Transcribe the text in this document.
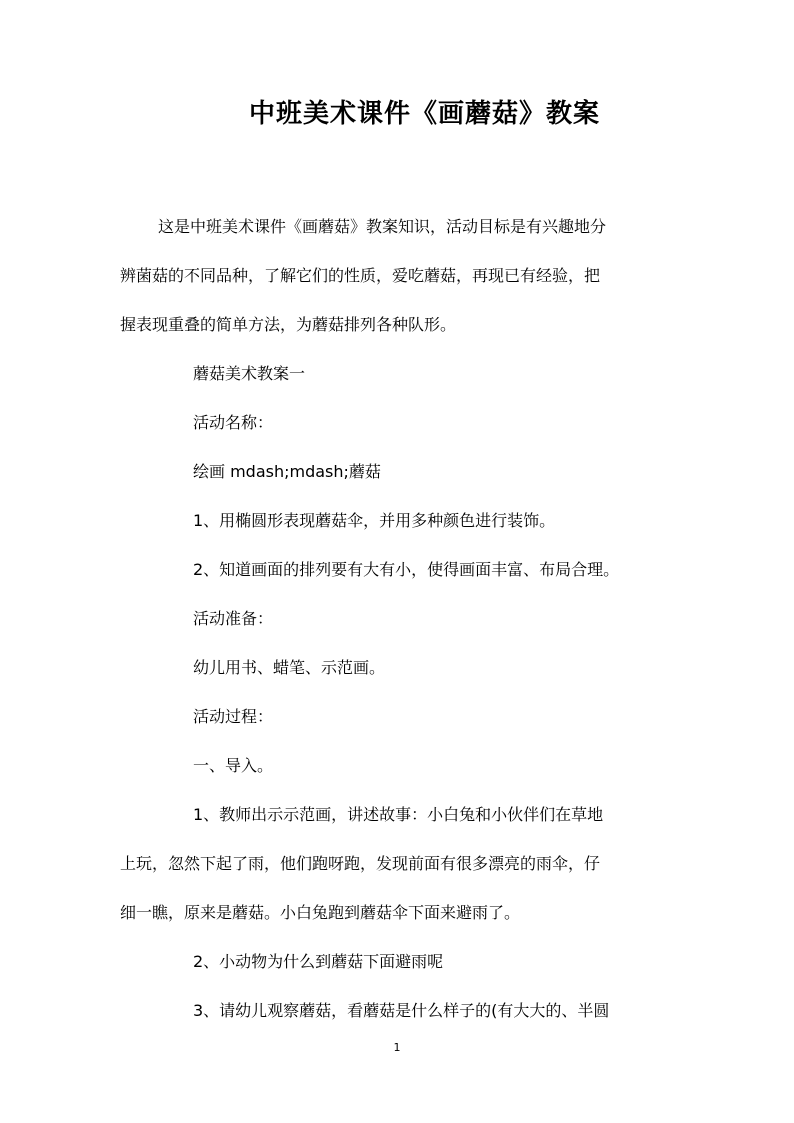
中班美术课件《画蘑菇》教案
这是中班美术课件《画蘑菇》教案知识，活动目标是有兴趣地分
辨菌菇的不同品种，了解它们的性质，爱吃蘑菇，再现已有经验，把
握表现重叠的简单方法，为蘑菇排列各种队形。
蘑菇美术教案一
活动名称：
绘画 mdash;mdash;蘑菇
1、用椭圆形表现蘑菇伞，并用多种颜色进行装饰。
2、知道画面的排列要有大有小，使得画面丰富、布局合理。
活动准备：
幼儿用书、蜡笔、示范画。
活动过程：
一、导入。
1、教师出示示范画，讲述故事：小白兔和小伙伴们在草地
上玩，忽然下起了雨，他们跑呀跑，发现前面有很多漂亮的雨伞，仔
细一瞧，原来是蘑菇。小白兔跑到蘑菇伞下面来避雨了。
2、小动物为什么到蘑菇下面避雨呢
3、请幼儿观察蘑菇，看蘑菇是什么样子的(有大大的、半圆
1
